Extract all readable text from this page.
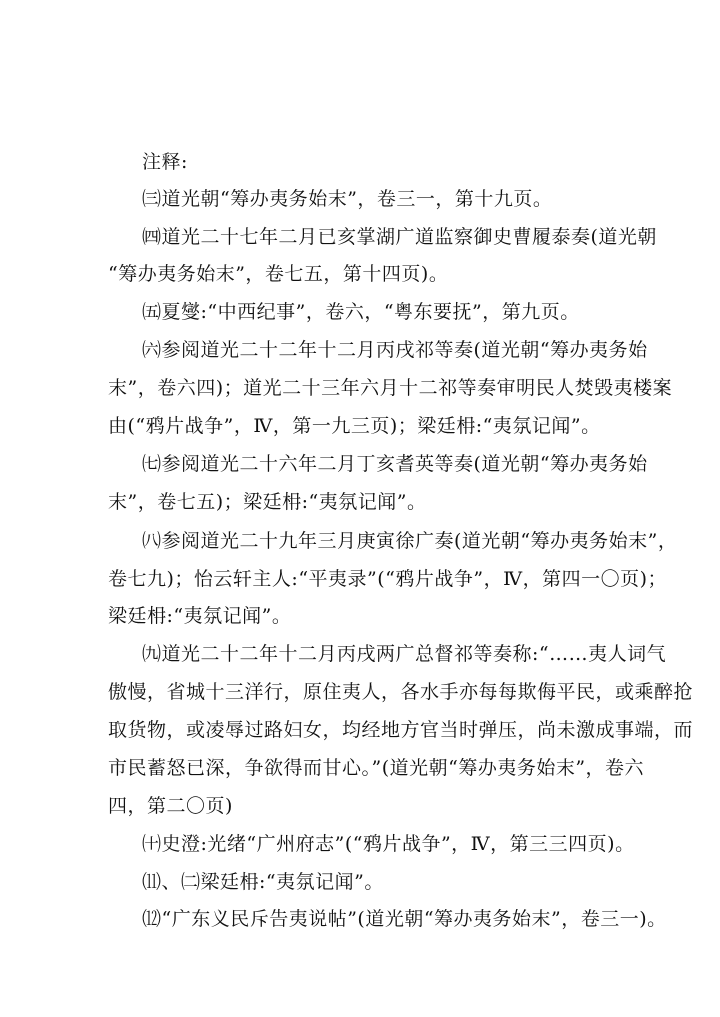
注释:
㈢道光朝“筹办夷务始末”，卷三一，第十九页。
㈣道光二十七年二月已亥掌湖广道监察御史曹履泰奏(道光朝
“筹办夷务始末”，卷七五，第十四页)。
㈤夏燮:“中西纪事”，卷六，“粤东要抚”，第九页。
㈥参阅道光二十二年十二月丙戌祁等奏(道光朝“筹办夷务始
末”，卷六四)；道光二十三年六月十二祁等奏审明民人焚毁夷楼案
由(“鸦片战争”，Ⅳ，第一九三页)；梁廷枏:“夷氛记闻”。
㈦参阅道光二十六年二月丁亥耆英等奏(道光朝“筹办夷务始
末”，卷七五)；梁廷枏:“夷氛记闻”。
㈧参阅道光二十九年三月庚寅徐广奏(道光朝“筹办夷务始末”，
卷七九)；怡云轩主人:“平夷录”(“鸦片战争”，Ⅳ，第四一〇页)；
梁廷枏:“夷氛记闻”。
㈨道光二十二年十二月丙戌两广总督祁等奏称:“……夷人词气
傲慢，省城十三洋行，原住夷人，各水手亦每每欺侮平民，或乘醉抢
取货物，或凌辱过路妇女，均经地方官当时弹压，尚未激成事端，而
市民蓄怒已深，争欲得而甘心。”(道光朝“筹办夷务始末”，卷六
四，第二〇页)
㈩史澄:光绪“广州府志”(“鸦片战争”，Ⅳ，第三三四页)。
⑾、㈡梁廷枏:“夷氛记闻”。
⑿“广东义民斥告夷说帖”(道光朝“筹办夷务始末”，卷三一)。
